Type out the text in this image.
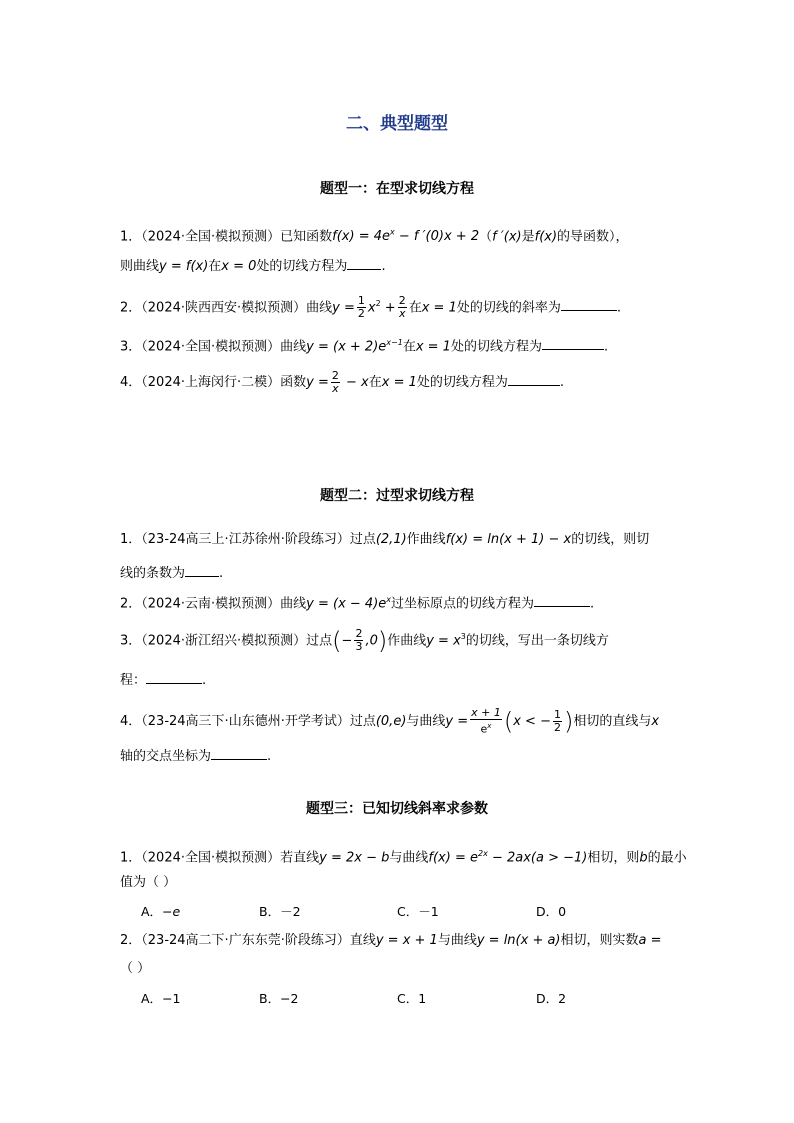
二、典型题型
题型一：在型求切线方程
1．（2024·全国·模拟预测）已知函数$f(x) = 4e^x - f$ ′(0)x + 2（f ′(x)是f(x)的导函数），
则曲线y = f(x)在x = 0处的切线方程为	.
2．（2024·陕西西安·模拟预测）曲线$y = \frac{1}{2} x^2 + \frac{2}{x}$ 在x = 1处的切线的斜率为	.
3．（2024·全国·模拟预测）曲线$y = (x + 2)e^{x-1}$在x = 1处的切线方程为	.
4．（2024·上海闵行·二模）函数$y = \frac{2}{x} - x$在x = 1处的切线方程为	.
题型二：过型求切线方程
1．（23-24高三上·江苏徐州·阶段练习）过点(2,1)作曲线f(x) = ln(x + 1) − x的切线，则切
线的条数为	.
2．（2024·云南·模拟预测）曲线$y = (x - 4)e^x$过坐标原点的切线方程为	.
3．（2024·浙江绍兴·模拟预测）过点(− $\frac{2}{3} ,0$)作曲线$y = x^3$的切线，写出一条切线方
程：	.
4．（23-24高三下·山东德州·开学考试）过点(0,e)与曲线$y = \frac{x + 1}{e^x} (x$ < − $\frac{1}{2}$ )相切的直线与x
轴的交点坐标为	.
题型三：已知切线斜率求参数
1．（2024·全国·模拟预测）若直线y = 2x − b与曲线$f(x) = e^{2x} - 2ax(a > -1)$相切，则b的最小
值为（ ）
A．−e	B．－2	C．－1	D．0
2．（23-24高二下·广东东莞·阶段练习）直线y = x + 1与曲线y = ln(x + a)相切，则实数a =
（ ）
A．−1	B．−2	C．1	D．2
